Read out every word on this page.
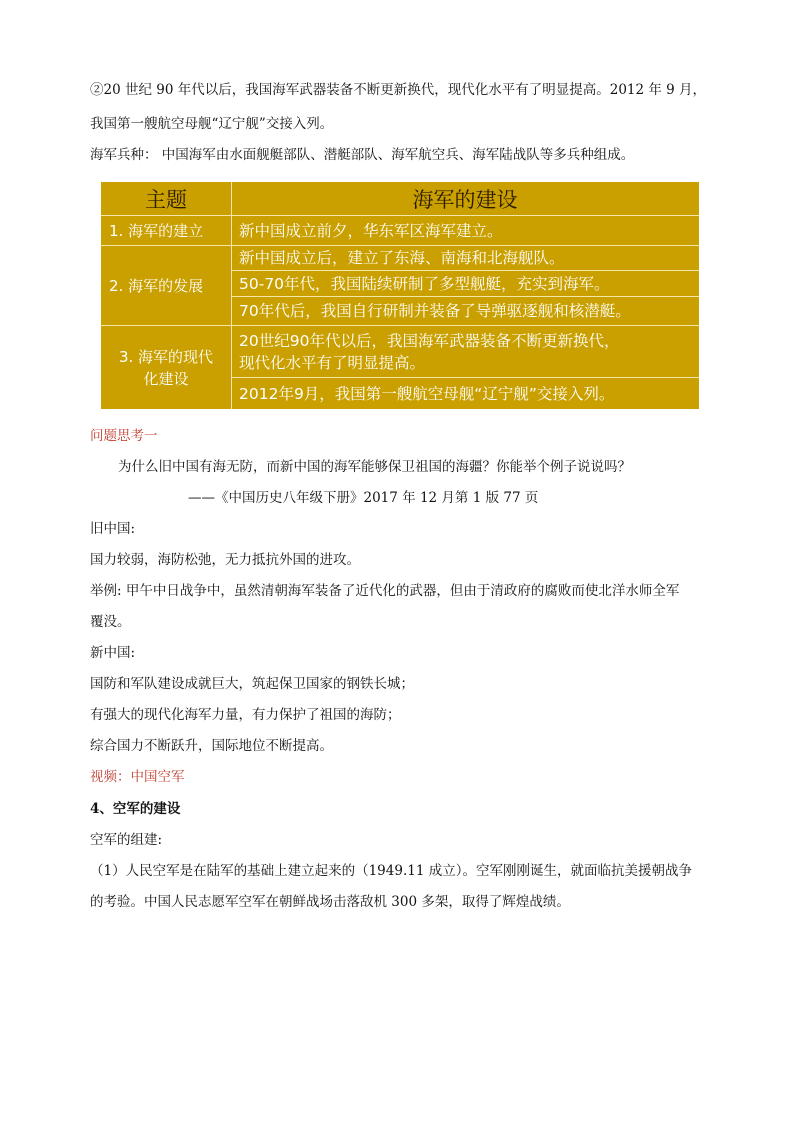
②20 世纪 90 年代以后，我国海军武器装备不断更新换代，现代化水平有了明显提高。2012 年 9 月，
我国第一艘航空母舰“辽宁舰”交接入列。
海军兵种： 中国海军由水面舰艇部队、潜艇部队、海军航空兵、海军陆战队等多兵种组成。
主题	海军的建设
1. 海军的建立	新中国成立前夕，华东军区海军建立。
2. 海军的发展
新中国成立后，建立了东海、南海和北海舰队。
50-70年代，我国陆续研制了多型舰艇，充实到海军。
70年代后，我国自行研制并装备了导弹驱逐舰和核潜艇。
3. 海军的现代
化建设
20世纪90年代以后，我国海军武器装备不断更新换代，
现代化水平有了明显提高。
2012年9月，我国第一艘航空母舰“辽宁舰”交接入列。
问题思考一
为什么旧中国有海无防，而新中国的海军能够保卫祖国的海疆？你能举个例子说说吗？
——《中国历史八年级下册》2017 年 12 月第 1 版 77 页
旧中国:
国力较弱，海防松弛，无力抵抗外国的进攻。
举例: 甲午中日战争中，虽然清朝海军装备了近代化的武器，但由于清政府的腐败而使北洋水师全军
覆没。
新中国:
国防和军队建设成就巨大，筑起保卫国家的钢铁长城；
有强大的现代化海军力量，有力保护了祖国的海防；
综合国力不断跃升，国际地位不断提高。
视频：中国空军
4、空军的建设
空军的组建:
（1）人民空军是在陆军的基础上建立起来的（1949.11 成立）。空军刚刚诞生，就面临抗美援朝战争
的考验。中国人民志愿军空军在朝鲜战场击落敌机 300 多架，取得了辉煌战绩。
